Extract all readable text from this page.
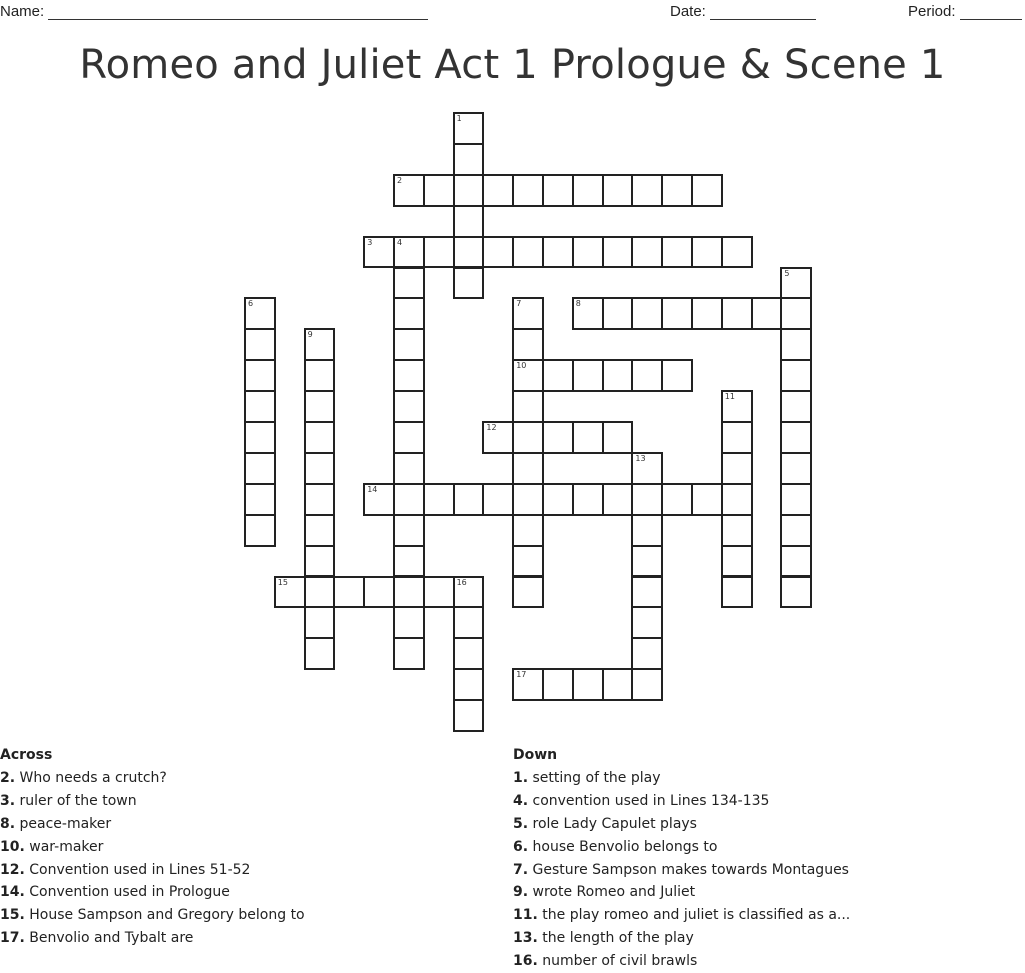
Name:	Date:	Period:
Romeo and Juliet Act 1 Prologue & Scene 1
1
2
3	4
5
6	7
10
8
9
11
12
13
14
15	16
17
Across
2. Who needs a crutch?
3. ruler of the town
8. peace-maker
10. war-maker
12. Convention used in Lines 51-52
14. Convention used in Prologue
15. House Sampson and Gregory belong to
17. Benvolio and Tybalt are
Down
1. setting of the play
4. convention used in Lines 134-135
5. role Lady Capulet plays
6. house Benvolio belongs to
7. Gesture Sampson makes towards Montagues
9. wrote Romeo and Juliet
11. the play romeo and juliet is classified as a...
13. the length of the play
16. number of civil brawls
